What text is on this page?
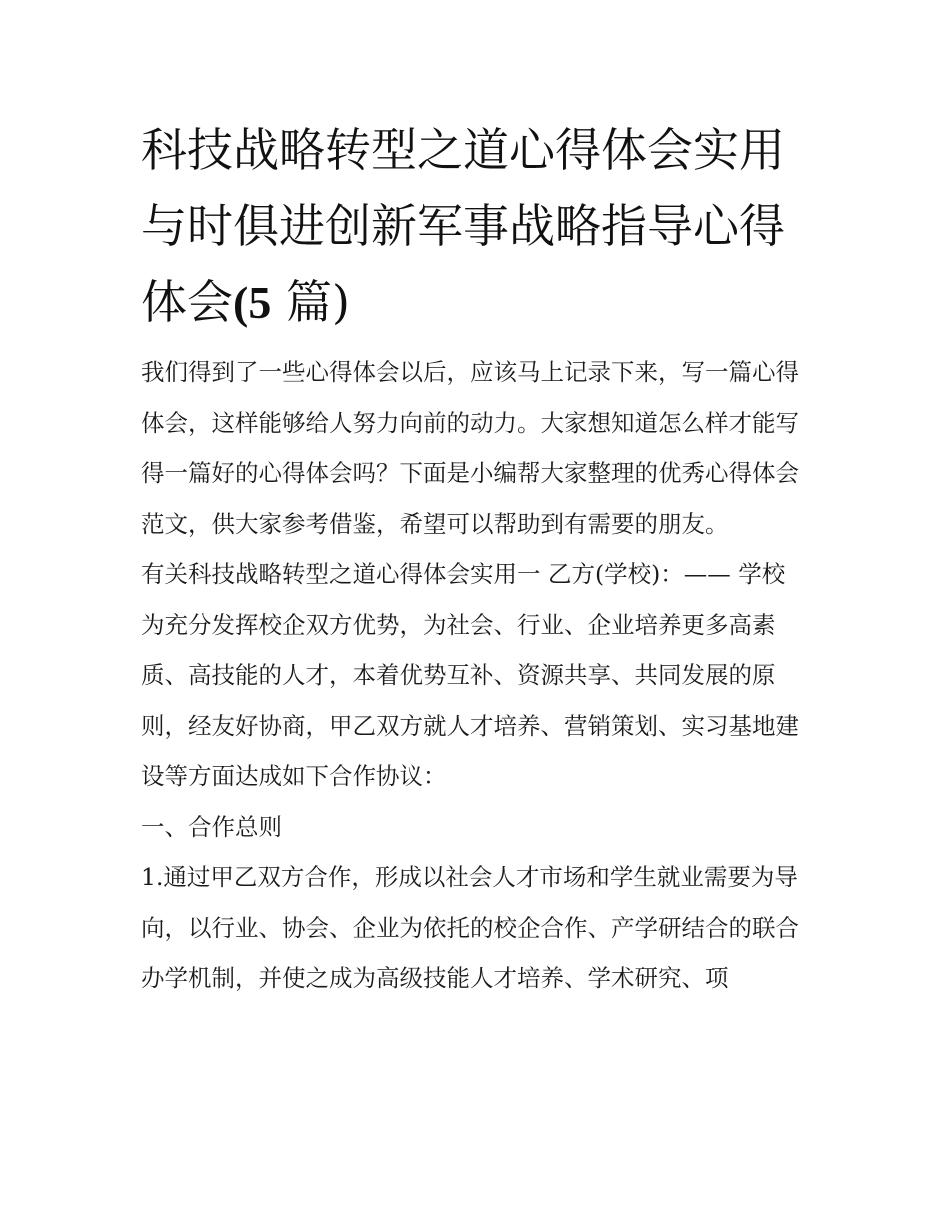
科技战略转型之道心得体会实用 与时俱进创新军事战略指导心得体会(5 篇)

我们得到了一些心得体会以后，应该马上记录下来，写一篇心得体会，这样能够给人努力向前的动力。大家想知道怎么样才能写得一篇好的心得体会吗？下面是小编帮大家整理的优秀心得体会范文，供大家参考借鉴，希望可以帮助到有需要的朋友。

有关科技战略转型之道心得体会实用一 乙方(学校)：—— 学校

为充分发挥校企双方优势，为社会、行业、企业培养更多高素质、高技能的人才，本着优势互补、资源共享、共同发展的原则，经友好协商，甲乙双方就人才培养、营销策划、实习基地建设等方面达成如下合作协议：

一、合作总则

1.通过甲乙双方合作，形成以社会人才市场和学生就业需要为导向，以行业、协会、企业为依托的校企合作、产学研结合的联合办学机制，并使之成为高级技能人才培养、学术研究、项
